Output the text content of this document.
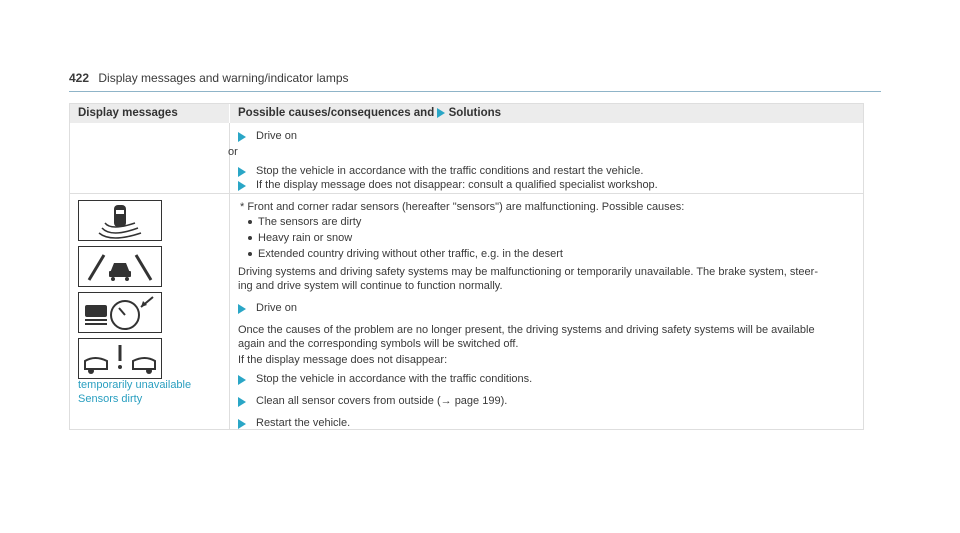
422 Display messages and warning/indicator lamps
Display messages	Possible causes/consequences and Solutions
Drive on
or
Stop the vehicle in accordance with the traffic conditions and restart the vehicle.
If the display message does not disappear: consult a qualified specialist workshop.
temporarily unavailable
Sensors dirty
* Front and corner radar sensors (hereafter "sensors") are malfunctioning. Possible causes:
The sensors are dirty
Heavy rain or snow
Extended country driving without other traffic, e.g. in the desert
Driving systems and driving safety systems may be malfunctioning or temporarily unavailable. The brake system, steer-
ing and drive system will continue to function normally.
Drive on
Once the causes of the problem are no longer present, the driving systems and driving safety systems will be available
again and the corresponding symbols will be switched off.
If the display message does not disappear:
Stop the vehicle in accordance with the traffic conditions.
Clean all sensor covers from outside (→ page 199).
Restart the vehicle.
